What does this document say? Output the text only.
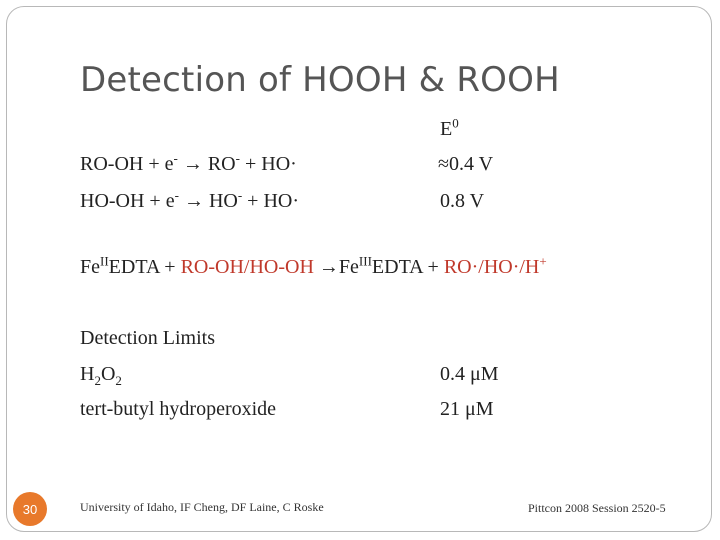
Detection of HOOH & ROOH
$E^0$
RO-OH + e- → RO- + HO·	≈0.4 V
HO-OH + e- → HO- + HO·	0.8 V
$Fe^{II}EDTA + RO-OH/HO-OH$ $\to Fe^{III}EDTA + RO\cdot/HO\cdot/H^+$
Detection Limits
$H_2O_2$	0.4 μM
tert-butyl hydroperoxide	21 μM
30	University of Idaho, IF Cheng, DF Laine, C Roske	Pittcon 2008 Session 2520-5
